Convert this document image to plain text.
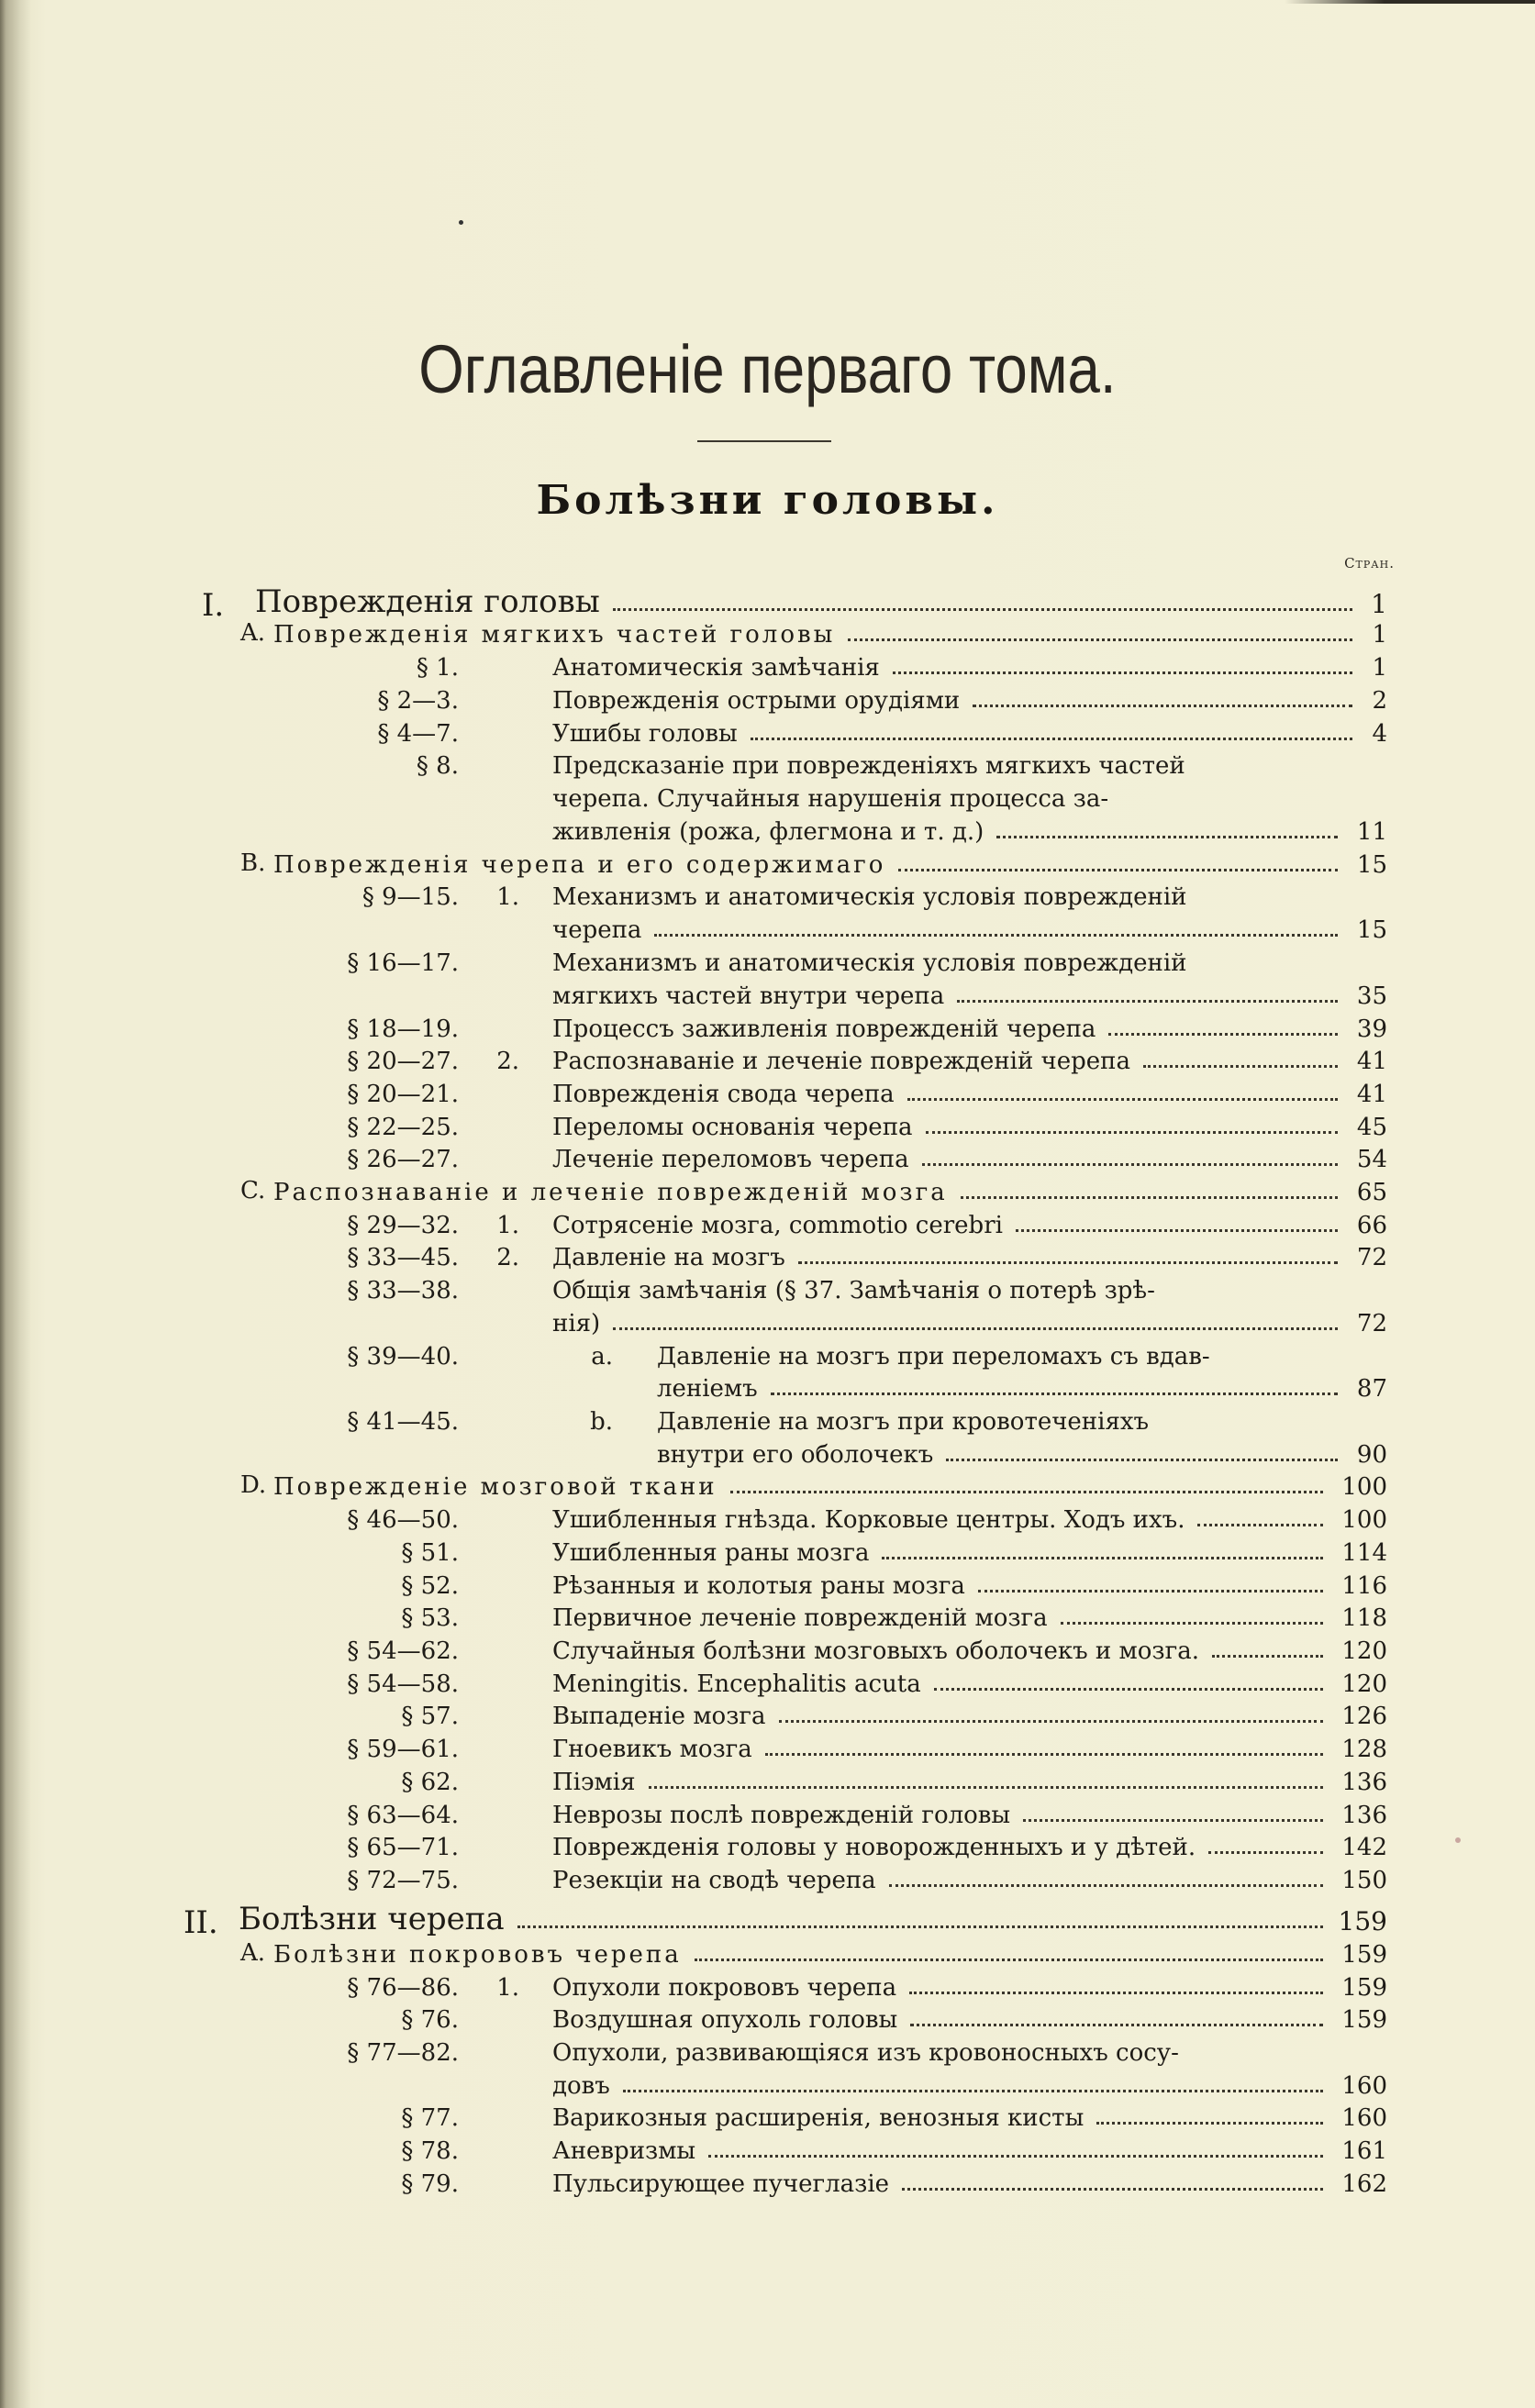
Оглавленіе перваго тома.
Болѣзни головы.
Стран.
I. Поврежденія головы	1
A. Поврежденія мягкихъ частей головы	1
§ 1.	Анатомическія замѣчанія	1
§ 2—3.	Поврежденія острыми орудіями	2
§ 4—7.	Ушибы головы	4
§ 8.	Предсказаніе при поврежденіяхъ мягкихъ частей
черепа. Случайныя нарушенія процесса за-
живленія (рожа, флегмона и т. д.)	11
B. Поврежденія черепа и его содержимаго	15
§ 9—15. 1. Механизмъ и анатомическія условія поврежденій
черепа	15
§ 16—17.	Механизмъ и анатомическія условія поврежденій
мягкихъ частей внутри черепа	35
§ 18—19.	Процессъ заживленія поврежденій черепа	39
§ 20—27. 2. Распознаваніе и леченіе поврежденій черепа	41
§ 20—21.	Поврежденія свода черепа	41
§ 22—25.	Переломы основанія черепа	45
§ 26—27.	Леченіе переломовъ черепа	54
C. Распознаваніе и леченіе поврежденій мозга	65
§ 29—32. 1. Сотрясеніе мозга, commotio cerebri	66
§ 33—45. 2. Давленіе на мозгъ	72
§ 33—38.	Общія замѣчанія (§ 37. Замѣчанія о потерѣ зрѣ-
нія)	72
§ 39—40.	a. Давленіе на мозгъ при переломахъ съ вдав-
леніемъ	87
§ 41—45.	b. Давленіе на мозгъ при кровотеченіяхъ
внутри его оболочекъ	90
D. Поврежденіе мозговой ткани	100
§ 46—50.	Ушибленныя гнѣзда. Корковые центры. Ходъ ихъ.	100
§ 51.	Ушибленныя раны мозга	114
§ 52.	Рѣзанныя и колотыя раны мозга	116
§ 53.	Первичное леченіе поврежденій мозга	118
§ 54—62.	Случайныя болѣзни мозговыхъ оболочекъ и мозга.	120
§ 54—58.	Meningitis. Encephalitis acuta	120
§ 57.	Выпаденіе мозга	126
§ 59—61.	Гноевикъ мозга	128
§ 62.	Піэмія	136
§ 63—64.	Неврозы послѣ поврежденій головы	136
§ 65—71.	Поврежденія головы у новорожденныхъ и у дѣтей.	142
§ 72—75.	Резекціи на сводѣ черепа	150
II. Болѣзни черепа	159
A. Болѣзни покрововъ черепа	159
§ 76—86. 1. Опухоли покрововъ черепа	159
§ 76.	Воздушная опухоль головы	159
§ 77—82.	Опухоли, развивающіяся изъ кровоносныхъ сосу-
довъ	160
§ 77.	Варикозныя расширенія, венозныя кисты	160
§ 78.	Аневризмы	161
§ 79.	Пульсирующее пучеглазіе	162
